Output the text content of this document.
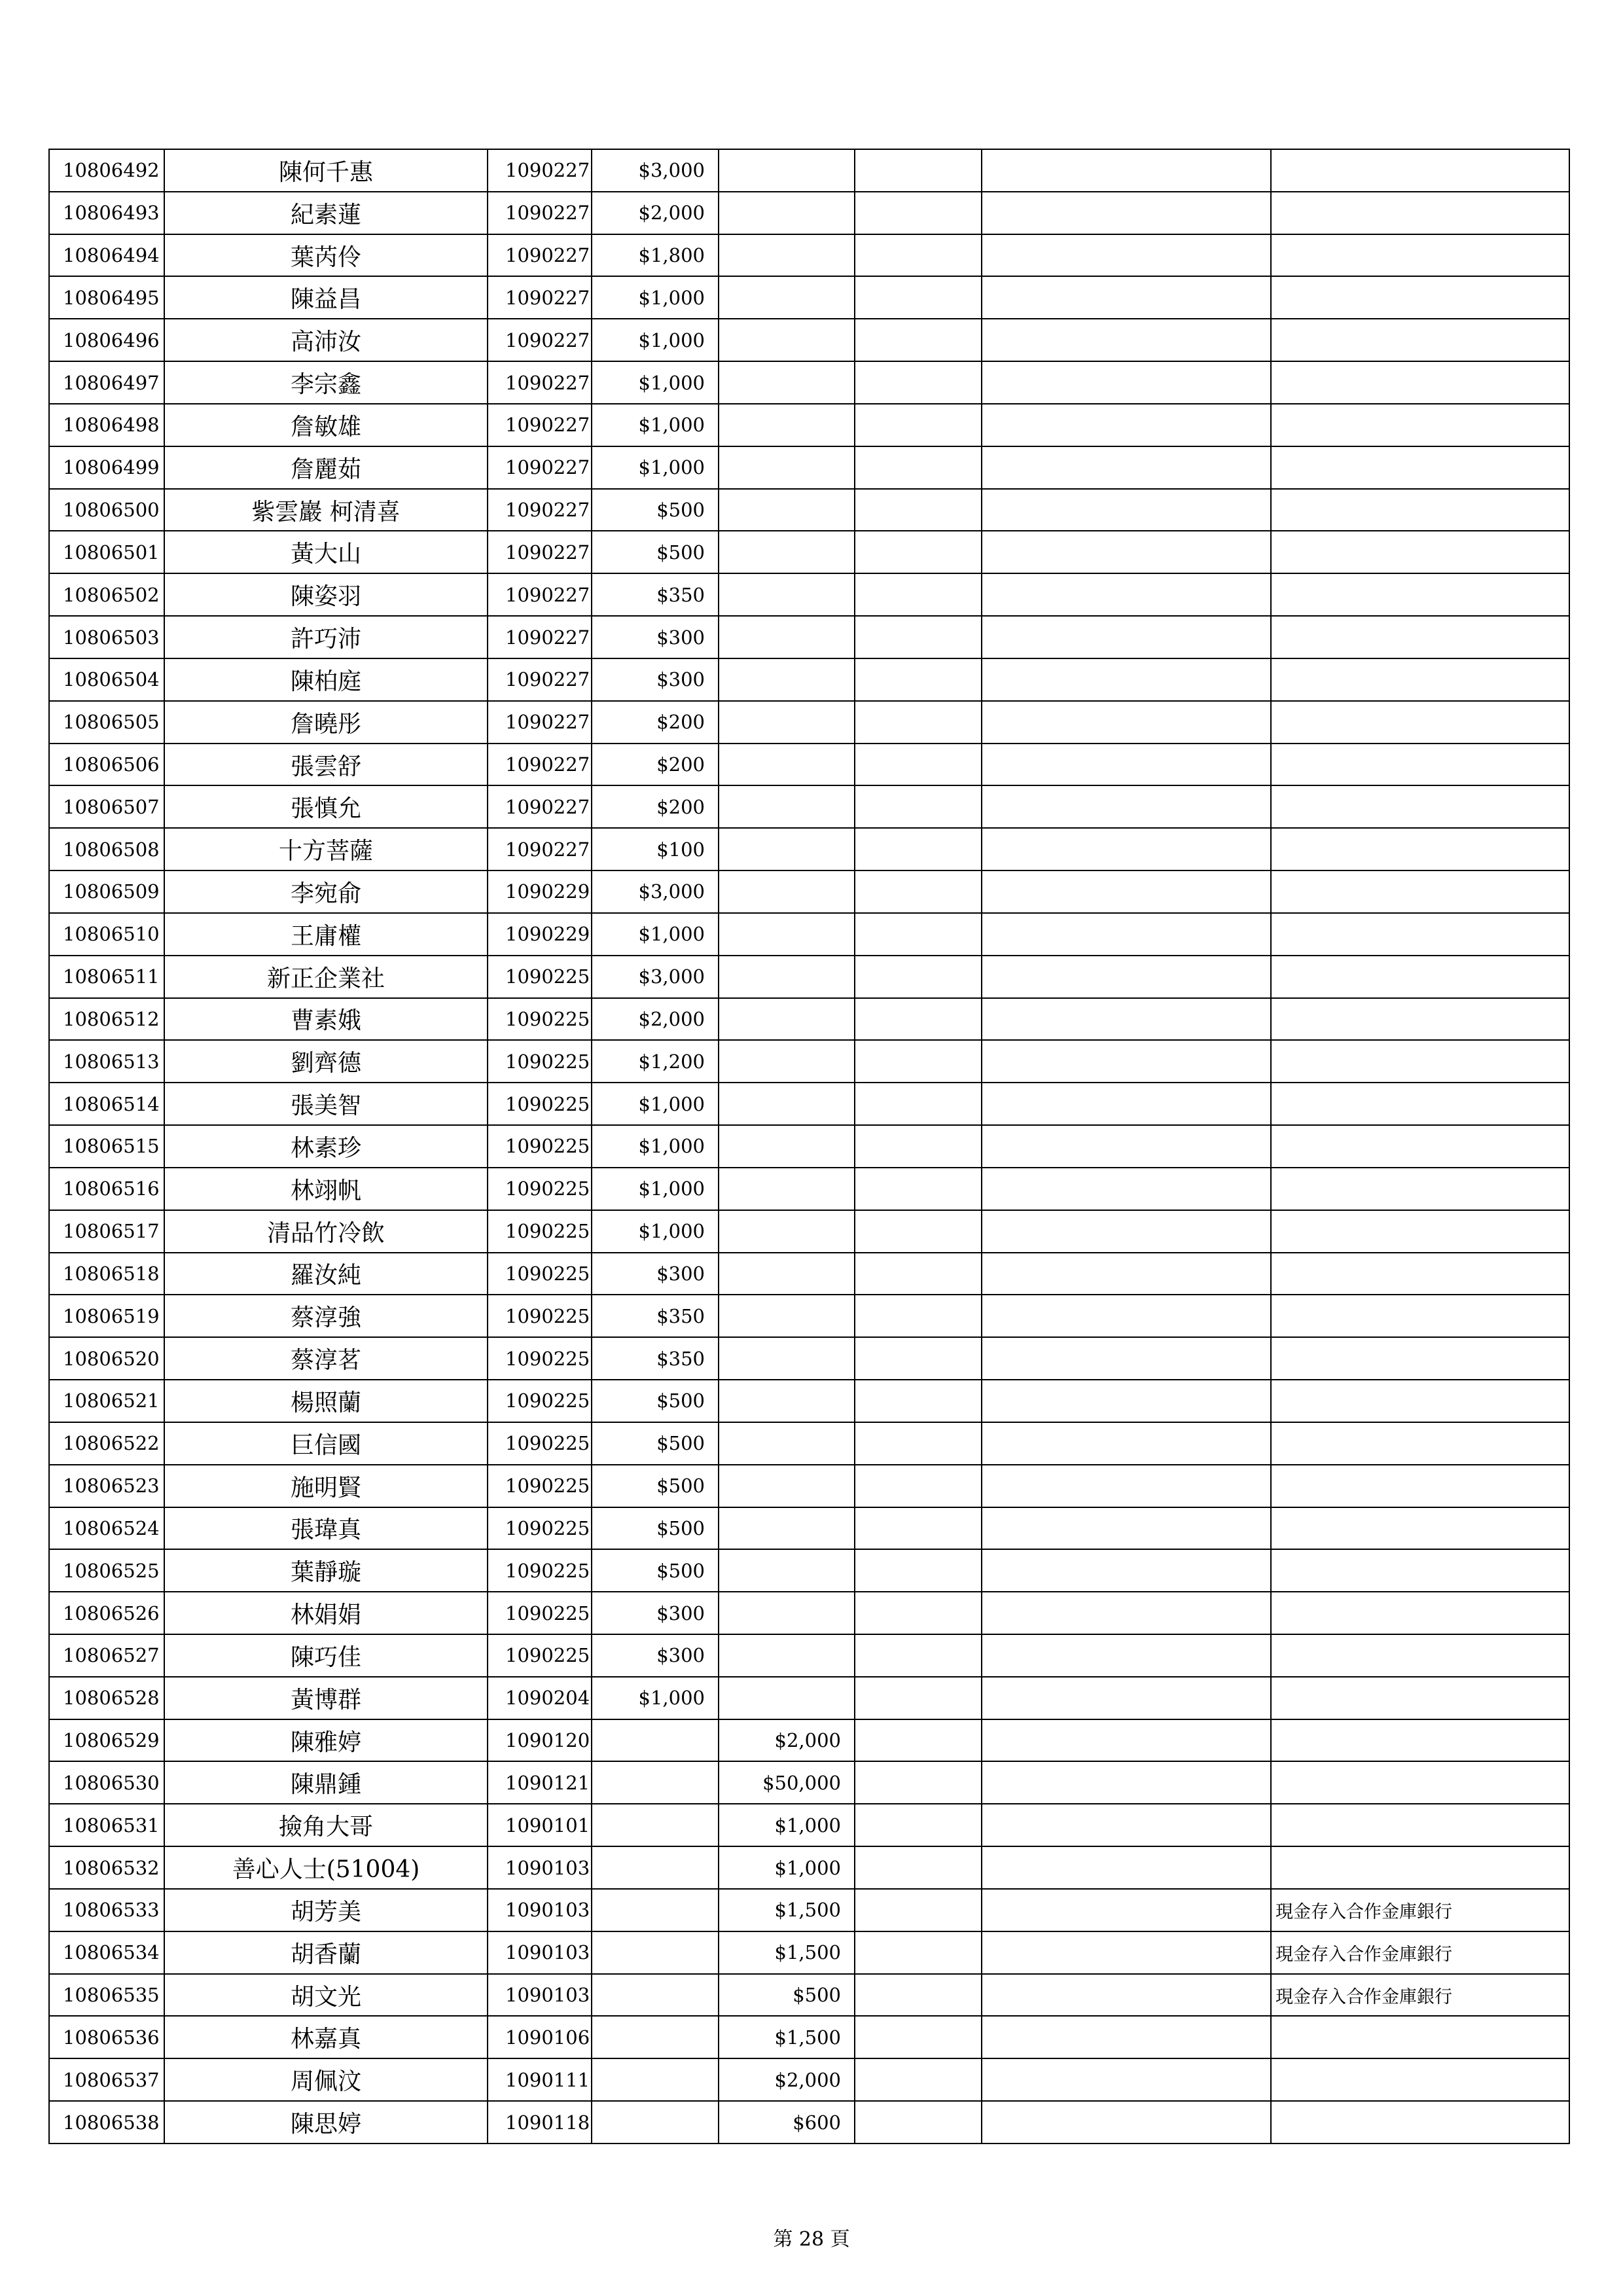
10806492	陳何千惠	1090227	$3,000				
10806493	紀素蓮	1090227	$2,000				
10806494	葉芮伶	1090227	$1,800				
10806495	陳益昌	1090227	$1,000				
10806496	高沛汝	1090227	$1,000				
10806497	李宗鑫	1090227	$1,000				
10806498	詹敏雄	1090227	$1,000				
10806499	詹麗茹	1090227	$1,000				
10806500	紫雲巖 柯清喜	1090227	$500				
10806501	黃大山	1090227	$500				
10806502	陳姿羽	1090227	$350				
10806503	許巧沛	1090227	$300				
10806504	陳柏庭	1090227	$300				
10806505	詹曉彤	1090227	$200				
10806506	張雲舒	1090227	$200				
10806507	張慎允	1090227	$200				
10806508	十方菩薩	1090227	$100				
10806509	李宛俞	1090229	$3,000				
10806510	王庸權	1090229	$1,000				
10806511	新正企業社	1090225	$3,000				
10806512	曹素娥	1090225	$2,000				
10806513	劉齊德	1090225	$1,200				
10806514	張美智	1090225	$1,000				
10806515	林素珍	1090225	$1,000				
10806516	林翊帆	1090225	$1,000				
10806517	清品竹冷飲	1090225	$1,000				
10806518	羅汝純	1090225	$300				
10806519	蔡淳強	1090225	$350				
10806520	蔡淳茗	1090225	$350				
10806521	楊照蘭	1090225	$500				
10806522	巨信國	1090225	$500				
10806523	施明賢	1090225	$500				
10806524	張瑋真	1090225	$500				
10806525	葉靜璇	1090225	$500				
10806526	林娟娟	1090225	$300				
10806527	陳巧佳	1090225	$300				
10806528	黃博群	1090204	$1,000				
10806529	陳雅婷	1090120		$2,000			
10806530	陳鼎鍾	1090121		$50,000			
10806531	撿角大哥	1090101		$1,000			
10806532	善心人士(51004)	1090103		$1,000			
10806533	胡芳美	1090103		$1,500			現金存入合作金庫銀行
10806534	胡香蘭	1090103		$1,500			現金存入合作金庫銀行
10806535	胡文光	1090103		$500			現金存入合作金庫銀行
10806536	林嘉真	1090106		$1,500			
10806537	周佩汶	1090111		$2,000			
10806538	陳思婷	1090118		$600			
第 28 頁
